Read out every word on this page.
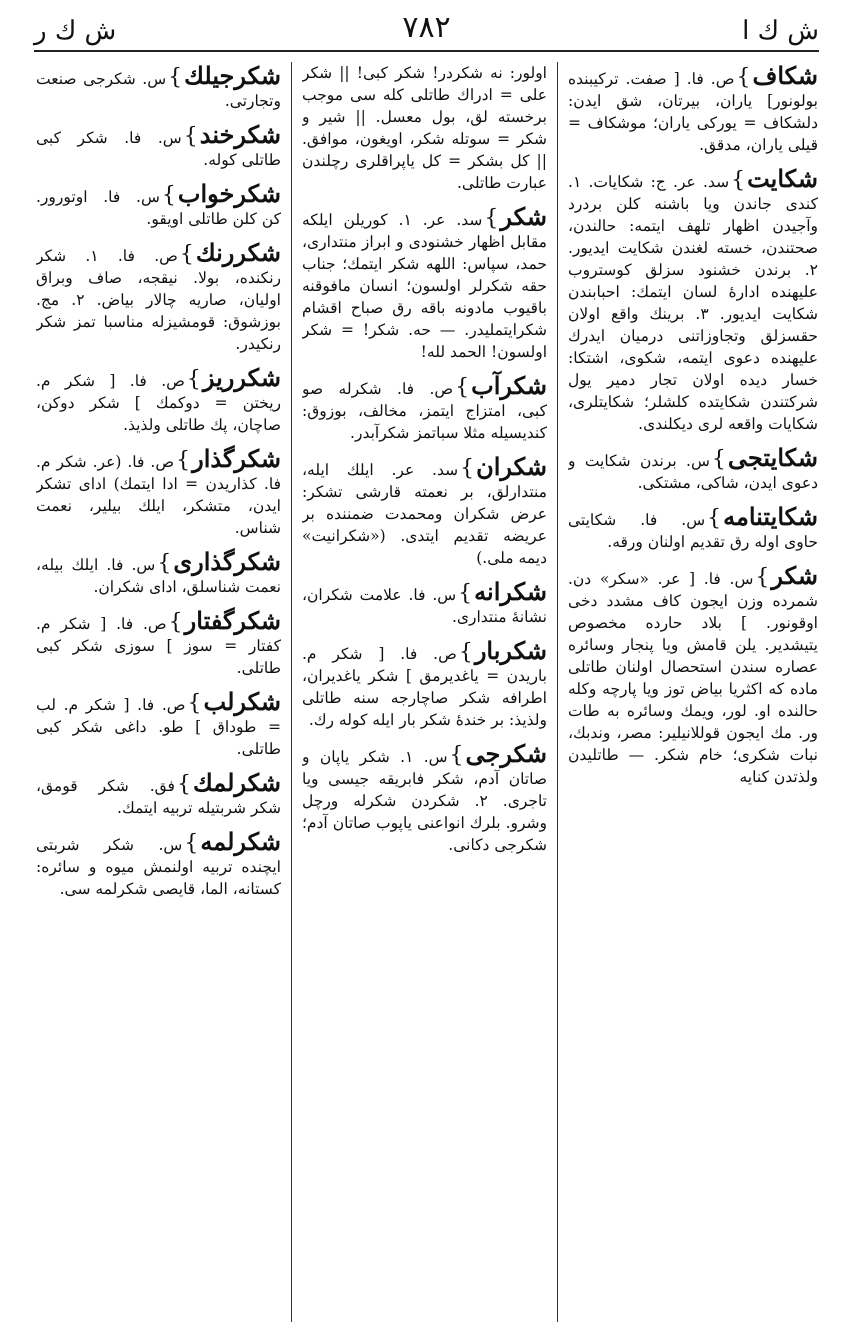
ش ك ا
٧٨٢
ش ك ر
شكاف}ص. فا. [ صفت. تركيبنده بولونور] ياران، بيرتان، شق ايدن: دلشكاف = يوركى ياران؛ موشكاف = قيلى ياران، مدقق.
شكايت}سد. عر. ج: شكايات. ١. كندى جاندن ويا باشنه كلن بردرد وآجيدن اظهار تلهف ايتمه: حالندن، صحتندن، خسته لغندن شكايت ايديور. ٢. برندن خشنود سزلق كوستروب عليهنده ادارهٔ لسان ايتمك: احبابندن شكايت ايديور. ٣. برينك واقع اولان حقسزلق وتجاوزاتنى درميان ايدرك عليهنده دعوى ايتمه، شكوى، اشتكا: خسار ديده اولان تجار دمير يول شركتندن شكايتده كلشلر؛ شكايتلرى، شكايات واقعه لرى ديكلندى.
شكايتجى}س. برندن شكايت و دعوى ايدن، شاكى، مشتكى.
شكايتنامه}س. فا. شكايتى حاوى اوله رق تقديم اولنان ورقه.
شكر}س. فا. [ عر. «سكر» دن. شمرده وزن ايجون كاف مشدد دخى اوقونور. ] بلاد حارده مخصوص يتيشدير. يلن قامش ويا پنجار وسائره عصاره سندن استحصال اولنان طاتلى ماده كه اكثريا بياض توز ويا پارچه وكله حالنده او. لور، ويمك وسائره به طات ور. مك ايجون قوللانيلير: مصر، وندبك، نبات شكرى؛ خام شكر. — طاتليدن ولذتدن كنايه
اولور: نه شكردر! شكر كبى! || شكر على = ادراك طاتلى كله سى موجب برخسته لق، بول معسل. || شير و شكر = سوتله شكر، اويغون، موافق. || كل بشكر = كل ياپراقلرى رچلندن عبارت طاتلى.
شكر}سد. عر. ١. كوريلن ايلكه مقابل اظهار خشنودى و ابراز منتدارى، حمد، سپاس: اللهه شكر ايتمك؛ جناب حقه شكرلر اولسون؛ انسان مافوقنه باقيوب مادونه باقه رق صباح اقشام شكرايتمليدر. — حه. شكر! = شكر اولسون! الحمد لله!
شكرآب}ص. فا. شكرله صو كبى، امتزاج ايتمز، مخالف، بوزوق: كنديسيله مثلا سباتمز شكرآبدر.
شكران}سد. عر. ايلك ايله، منتدارلق، بر نعمته قارشى تشكر: عرض شكران ومحمدت ضمننده بر عريضه تقديم ايتدى. («شكرانيت» ديمه ملى.)
شكرانه}س. فا. علامت شكران، نشانهٔ منتدارى.
شكربار}ص. فا. [ شكر م. باريدن = ياغديرمق ] شكر ياغديران، اطرافه شكر صاچارجه سنه طاتلى ولذيذ: بر خندهٔ شكر بار ايله كوله رك.
شكرجى}س. ١. شكر ياپان و صاتان آدم، شكر فابريقه جيسى ويا تاجرى. ٢. شكردن شكرله ورچل وشرو. بلرك انواعنى ياپوب صاتان آدم؛ شكرجى دكانى.
شكرجيلك}س. شكرجى صنعت وتجارتى.
شكرخند}س. فا. شكر كبى طاتلى كوله.
شكرخواب}س. فا. اوتورور. كن كلن طاتلى اويقو.
شكررنك}ص. فا. ١. شكر رنكنده، بولا. نيقجه، صاف وبراق اوليان، صاريه چالار بياض. ٢. مج. بوزشوق: قومشيزله مناسبا تمز شكر رنكيدر.
شكرريز}ص. فا. [ شكر م. ريختن = دوكمك ] شكر دوكن، صاچان، پك طاتلى ولذيذ.
شكرگذار}ص. فا. (عر. شكر م. فا. كذاريدن = ادا ايتمك) اداى تشكر ايدن، متشكر، ايلك بيلير، نعمت شناس.
شكرگذارى}س. فا. ايلك بيله، نعمت شناسلق، اداى شكران.
شكرگفتار}ص. فا. [ شكر م. كفتار = سوز ] سوزى شكر كبى طاتلى.
شكرلب}ص. فا. [ شكر م. لب = طوداق ] طو. داغى شكر كبى طاتلى.
شكرلمك}فق. شكر قومق، شكر شربتيله تربيه ايتمك.
شكرلمه}س. شكر شربتى ايچنده تربيه اولنمش ميوه و سائره: كستانه، الما، قايصى شكرلمه سى.
